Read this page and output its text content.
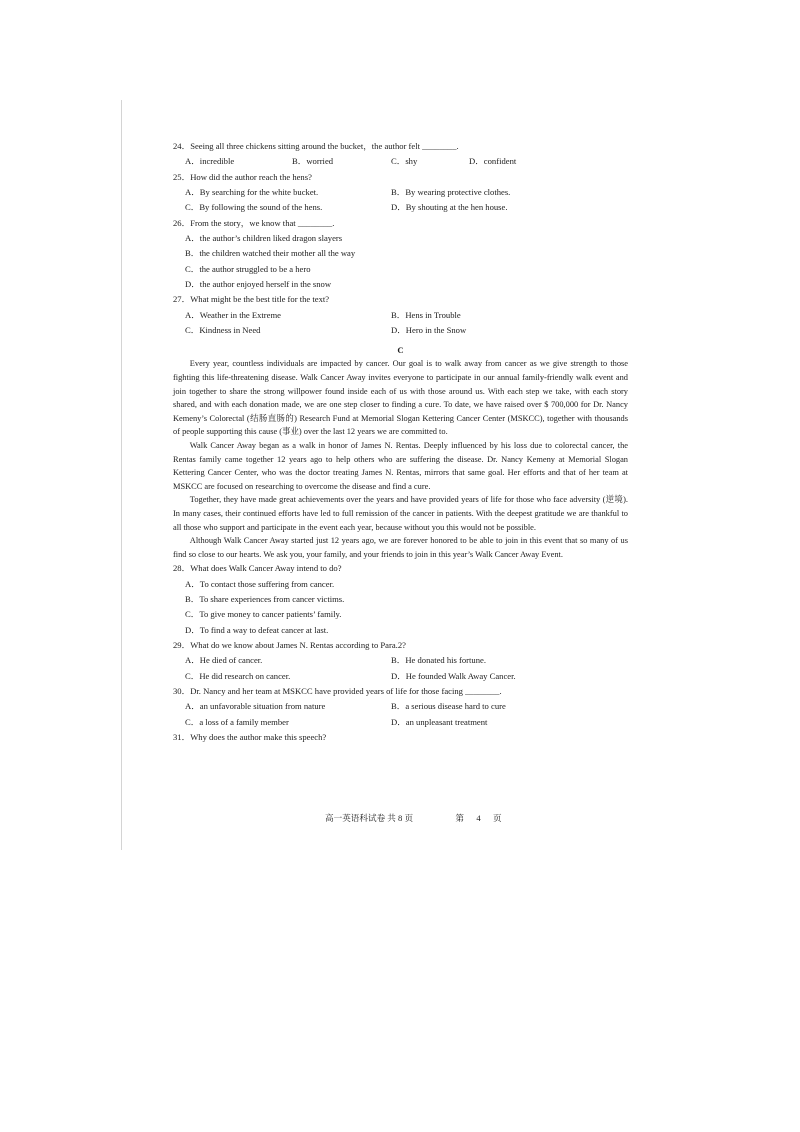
24．Seeing all three chickens sitting around the bucket，the author felt ________.
A．incredible	B．worried	C．shy	D．confident
25．How did the author reach the hens?
A．By searching for the white bucket.	B．By wearing protective clothes.
C．By following the sound of the hens.	D．By shouting at the hen house.
26．From the story，we know that ________.
A．the author’s children liked dragon slayers
B．the children watched their mother all the way
C．the author struggled to be a hero
D．the author enjoyed herself in the snow
27．What might be the best title for the text?
A．Weather in the Extreme	B．Hens in Trouble
C．Kindness in Need	D．Hero in the Snow
C

Every year, countless individuals are impacted by cancer. Our goal is to walk away from cancer as we give strength to those fighting this life-threatening disease. Walk Cancer Away invites everyone to participate in our annual family-friendly walk event and join together to share the strong willpower found inside each of us with those around us. With each step we take, with each story shared, and with each donation made, we are one step closer to finding a cure. To date, we have raised over $ 700,000 for Dr. Nancy Kemeny’s Colorectal (结肠直肠的) Research Fund at Memorial Slogan Kettering Cancer Center (MSKCC), together with thousands of people supporting this cause (事业) over the last 12 years we are committed to.

Walk Cancer Away began as a walk in honor of James N. Rentas. Deeply influenced by his loss due to colorectal cancer, the Rentas family came together 12 years ago to help others who are suffering the disease. Dr. Nancy Kemeny at Memorial Slogan Kettering Cancer Center, who was the doctor treating James N. Rentas, mirrors that same goal. Her efforts and that of her team at MSKCC are focused on researching to overcome the disease and find a cure.

Together, they have made great achievements over the years and have provided years of life for those who face adversity (逆境). In many cases, their continued efforts have led to full remission of the cancer in patients. With the deepest gratitude we are thankful to all those who support and participate in the event each year, because without you this would not be possible.

Although Walk Cancer Away started just 12 years ago, we are forever honored to be able to join in this event that so many of us find so close to our hearts. We ask you, your family, and your friends to join in this year’s Walk Cancer Away Event.

28．What does Walk Cancer Away intend to do?
A．To contact those suffering from cancer.
B．To share experiences from cancer victims.
C．To give money to cancer patients’ family.
D．To find a way to defeat cancer at last.
29．What do we know about James N. Rentas according to Para.2?
A．He died of cancer.	B．He donated his fortune.
C．He did research on cancer.	D．He founded Walk Away Cancer.
30．Dr. Nancy and her team at MSKCC have provided years of life for those facing ________.
A．an unfavorable situation from nature	B．a serious disease hard to cure
C．a loss of a family member	D．an unpleasant treatment
31．Why does the author make this speech?
高一英语科试卷 共 8 页	第 4 页
